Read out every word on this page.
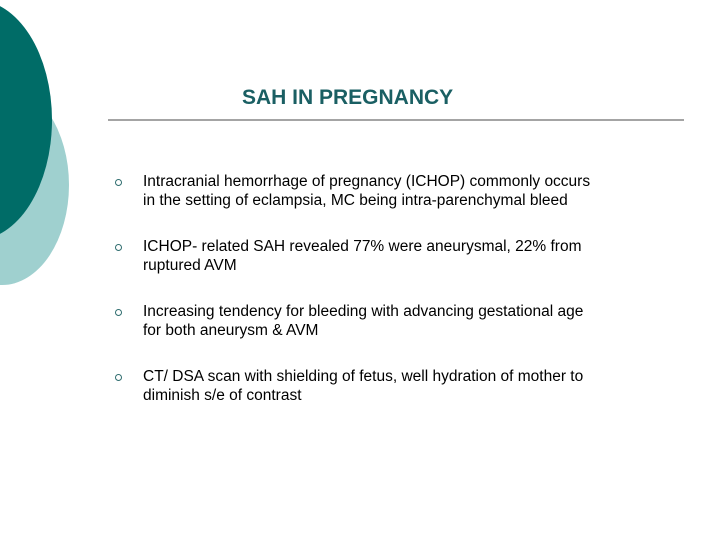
SAH IN PREGNANCY
Intracranial hemorrhage of pregnancy (ICHOP) commonly occurs
in the setting of eclampsia, MC being intra-parenchymal bleed
ICHOP- related SAH revealed 77% were aneurysmal, 22% from
ruptured AVM
Increasing tendency for bleeding with advancing gestational age
for both aneurysm & AVM
CT/ DSA scan with shielding of fetus, well hydration of mother to
diminish s/e of contrast
